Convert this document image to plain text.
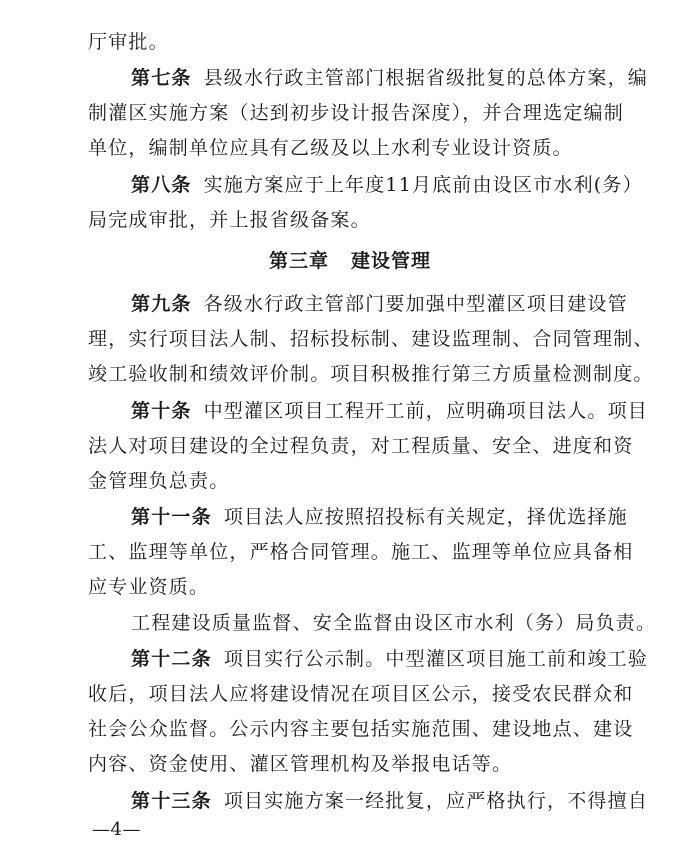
厅审批。
第七条 县级水行政主管部门根据省级批复的总体方案，编
制灌区实施方案（达到初步设计报告深度），并合理选定编制
单位，编制单位应具有乙级及以上水利专业设计资质。
第八条 实施方案应于上年度11月底前由设区市水利(务）
局完成审批，并上报省级备案。
第三章 建设管理
第九条 各级水行政主管部门要加强中型灌区项目建设管
理，实行项目法人制、招标投标制、建设监理制、合同管理制、
竣工验收制和绩效评价制。项目积极推行第三方质量检测制度。
第十条 中型灌区项目工程开工前，应明确项目法人。项目
法人对项目建设的全过程负责，对工程质量、安全、进度和资
金管理负总责。
第十一条 项目法人应按照招投标有关规定，择优选择施
工、监理等单位，严格合同管理。施工、监理等单位应具备相
应专业资质。
工程建设质量监督、安全监督由设区市水利（务）局负责。
第十二条 项目实行公示制。中型灌区项目施工前和竣工验
收后，项目法人应将建设情况在项目区公示，接受农民群众和
社会公众监督。公示内容主要包括实施范围、建设地点、建设
内容、资金使用、灌区管理机构及举报电话等。
第十三条 项目实施方案一经批复，应严格执行，不得擅自
—4—
